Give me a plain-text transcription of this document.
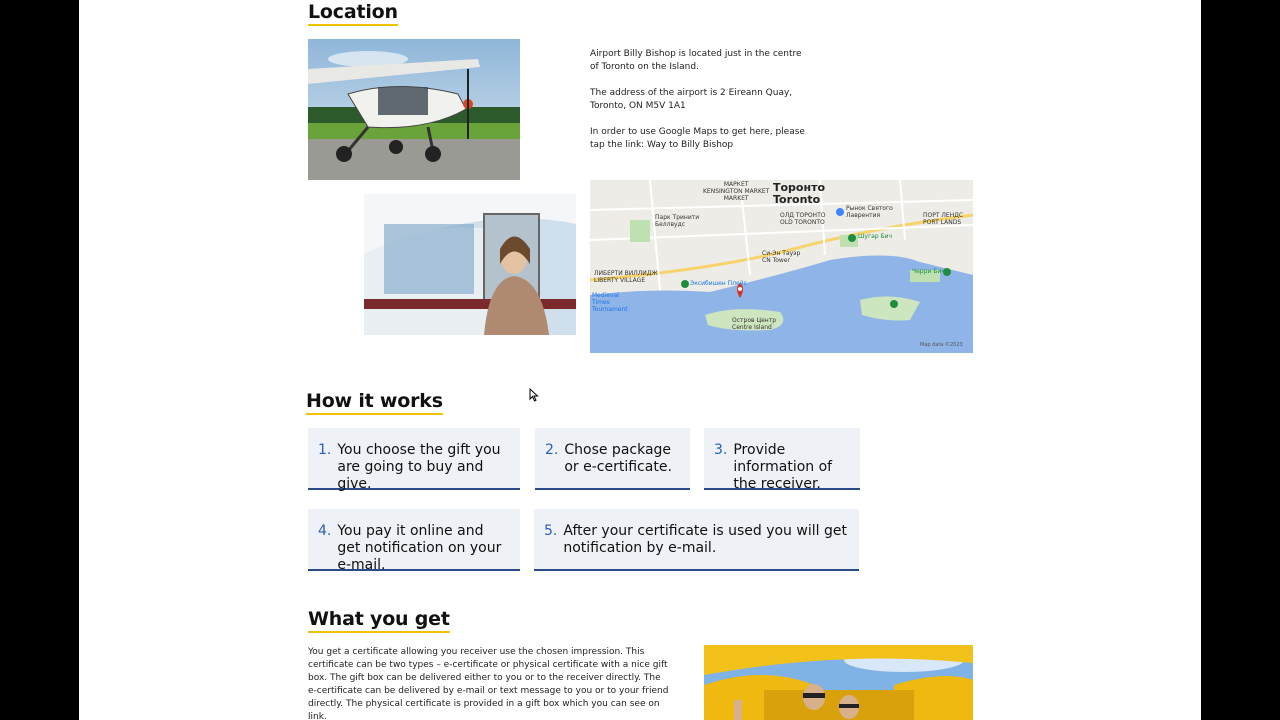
Location

Airport Billy Bishop is located just in the centre of Toronto on the Island.

The address of the airport is 2 Eireann Quay, Toronto, ON M5V 1A1

In order to use Google Maps to get here, please tap the link: Way to Billy Bishop

Торонто
Toronto
МАРКЕТ
KENSINGTON MARKET
MARKET
ОЛД ТОРОНТО
OLD TORONTO
ПОРТ ЛЕНДС
PORT LANDS
ЛИБЕРТИ ВИЛЛИДЖ
LIBERTY VILLAGE
Си-Эн Тауэр
CN Tower
Остров Центр
Centre Island
Парк Тринити Беллвудс
Рынок Святого Лаврентия
Шугар Бич
Черри Бич
Medieval Times Tournament
Эксибишен Плейс
Map data ©2023
How it works
1. You choose the gift you are going to buy and give.
2. Chose package or e-certificate.
3. Provide information of the receiver.
4. You pay it online and get notification on your e-mail.
5. After your certificate is used you will get notification by e-mail.
What you get
You get a certificate allowing you receiver use the chosen impression. This certificate can be two types – e-certificate or physical certificate with a nice gift box. The gift box can be delivered either to you or to the receiver directly. The e-certificate can be delivered by e-mail or text message to you or to your friend directly. The physical certificate is provided in a gift box which you can see on link.
